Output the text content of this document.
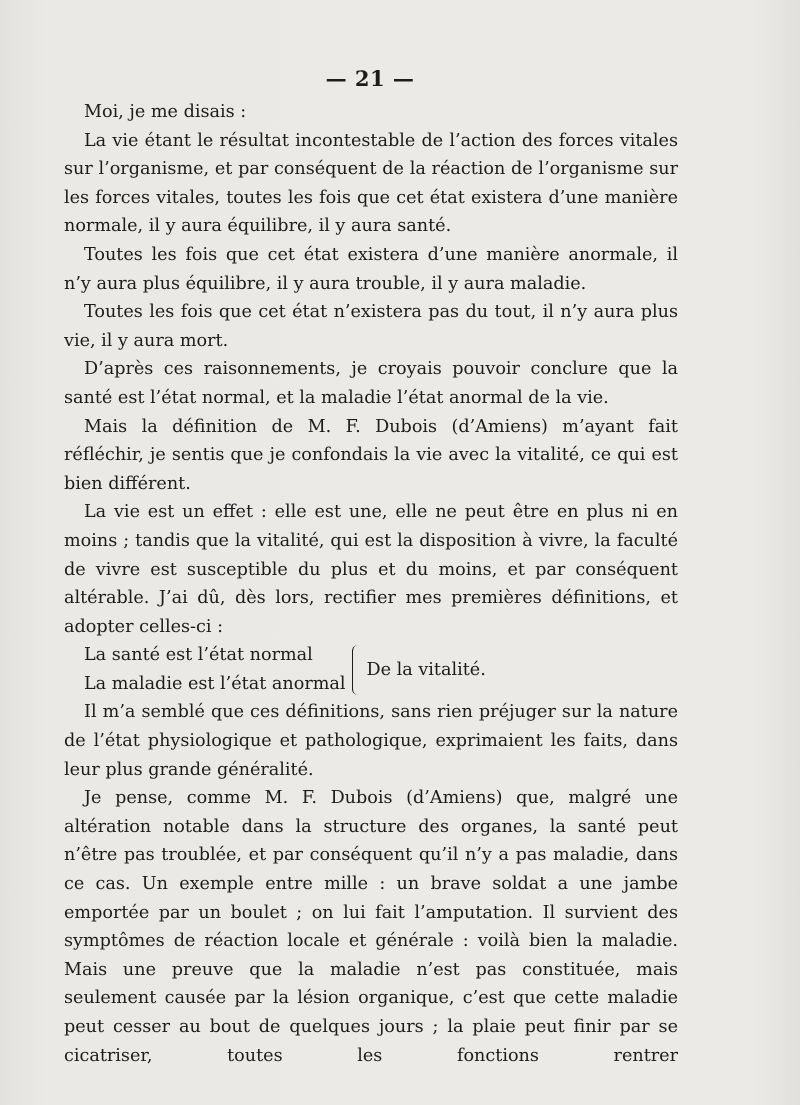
— 21 —

Moi, je me disais :

La vie étant le résultat incontestable de l’action des forces vitales sur l’organisme, et par conséquent de la réaction de l’organisme sur les forces vitales, toutes les fois que cet état existera d’une manière normale, il y aura équilibre, il y aura santé.

Toutes les fois que cet état existera d’une manière anormale, il n’y aura plus équilibre, il y aura trouble, il y aura maladie.

Toutes les fois que cet état n’existera pas du tout, il n’y aura plus vie, il y aura mort.

D’après ces raisonnements, je croyais pouvoir conclure que la santé est l’état normal, et la maladie l’état anormal de la vie.

Mais la définition de M. F. Dubois (d’Amiens) m’ayant fait réfléchir, je sentis que je confondais la vie avec la vitalité, ce qui est bien différent.

La vie est un effet : elle est une, elle ne peut être en plus ni en moins ; tandis que la vitalité, qui est la disposition à vivre, la faculté de vivre est susceptible du plus et du moins, et par conséquent altérable. J’ai dû, dès lors, rectifier mes premières définitions, et adopter celles-ci :

La santé est l’état normal
La maladie est l’état anormal
De la vitalité.

Il m’a semblé que ces définitions, sans rien préjuger sur la nature de l’état physiologique et pathologique, exprimaient les faits, dans leur plus grande généralité.

Je pense, comme M. F. Dubois (d’Amiens) que, malgré une altération notable dans la structure des organes, la santé peut n’être pas troublée, et par conséquent qu’il n’y a pas maladie, dans ce cas. Un exemple entre mille : un brave soldat a une jambe emportée par un boulet ; on lui fait l’amputation. Il survient des symptômes de réaction locale et générale : voilà bien la maladie. Mais une preuve que la maladie n’est pas constituée, mais seulement causée par la lésion organique, c’est que cette maladie peut cesser au bout de quelques jours ; la plaie peut finir par se cicatriser, toutes les fonctions rentrer
